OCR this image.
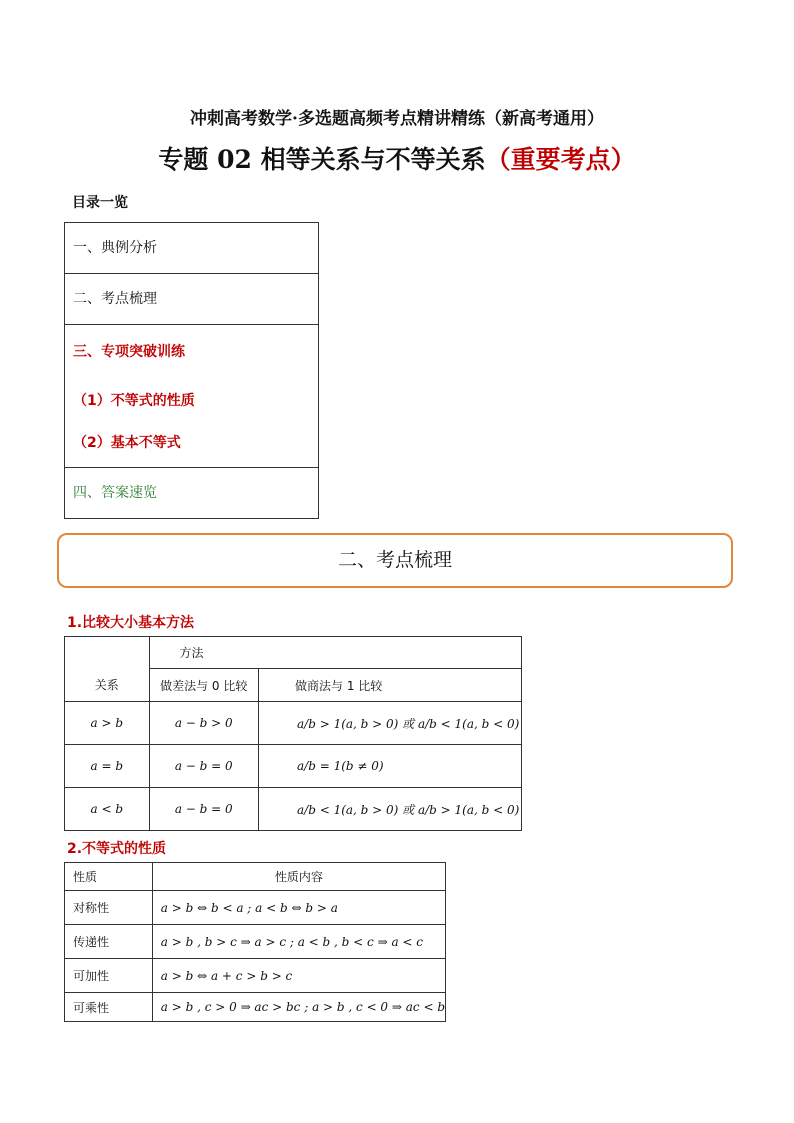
冲刺高考数学·多选题高频考点精讲精练（新高考通用）
专题 02 相等关系与不等关系（重要考点）
目录一览
一、典例分析
二、考点梳理
三、专项突破训练
（1）不等式的性质
（2）基本不等式
四、答案速览
二、考点梳理
1.比较大小基本方法
关系	方法	
	做差法与 0 比较	做商法与 1 比较
a > b	a − b > 0	a/b > 1(a, b > 0) 或 a/b < 1(a, b < 0)
a = b	a − b = 0	a/b = 1(b ≠ 0)
a < b	a − b = 0	a/b < 1(a, b > 0) 或 a/b > 1(a, b < 0)
2.不等式的性质
性质	性质内容
对称性	a > b ⇔ b < a ; a < b ⇔ b > a
传递性	a > b , b > c ⇒ a > c ; a < b , b < c ⇒ a < c
可加性	a > b ⇔ a + c > b > c
可乘性	a > b , c > 0 ⇒ ac > bc ; a > b , c < 0 ⇒ ac < b
